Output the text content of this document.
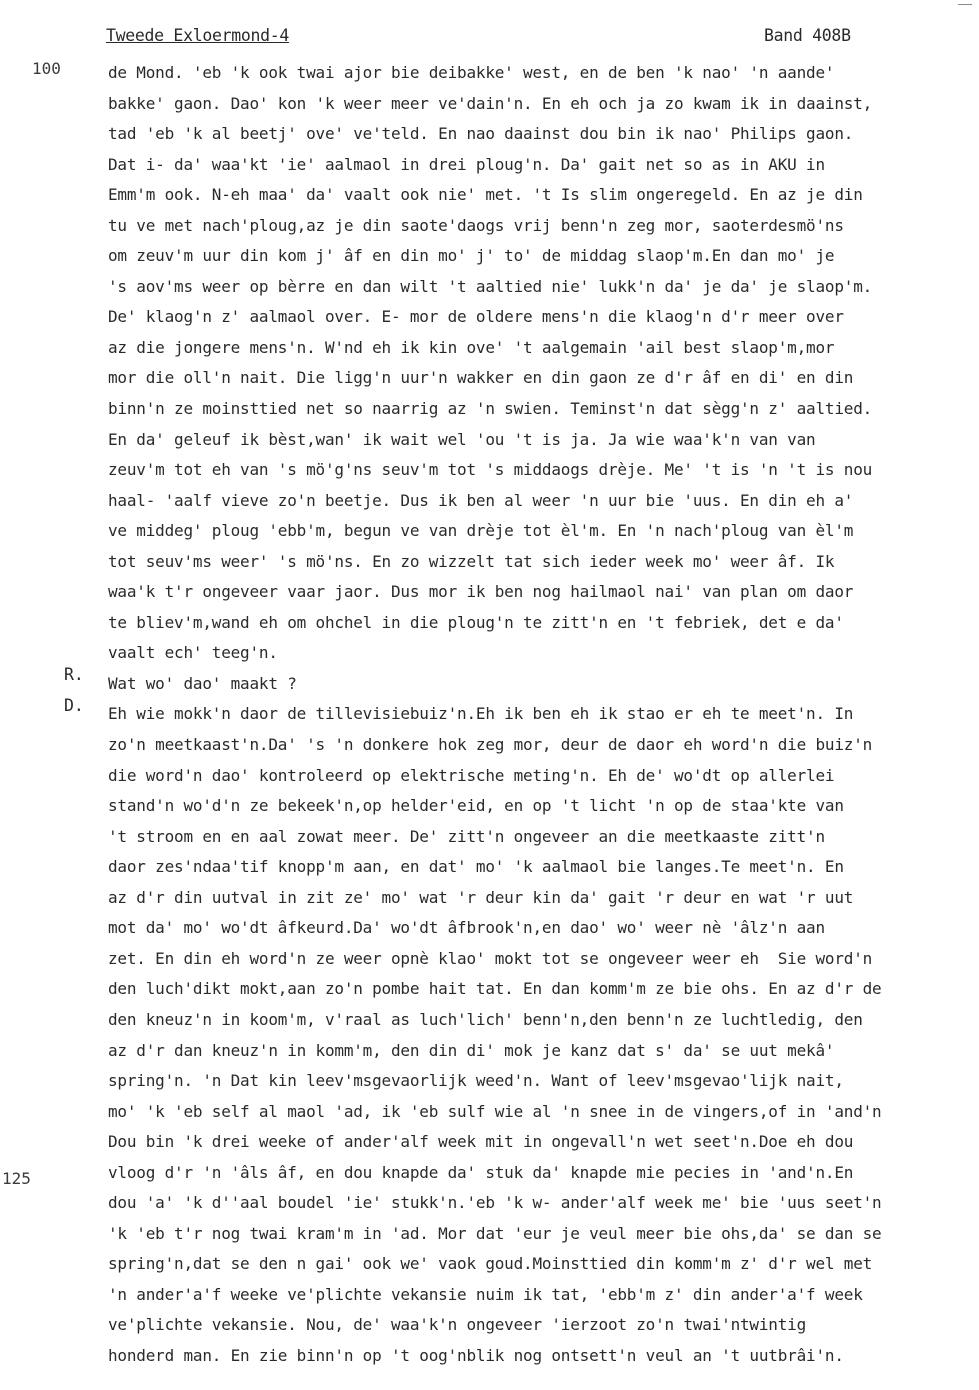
Tweede Exloermond-4	Band 408B
100
125
R.
D.
de Mond. 'eb 'k ook twai ajor bie deibakke' west, en de ben 'k nao' 'n aande'
bakke' gaon. Dao' kon 'k weer meer ve'dain'n. En eh och ja zo kwam ik in daainst,
tad 'eb 'k al beetj' ove' ve'teld. En nao daainst dou bin ik nao' Philips gaon.
Dat i- da' waa'kt 'ie' aalmaol in drei ploug'n. Da' gait net so as in AKU in
Emm'm ook. N-eh maa' da' vaalt ook nie' met. 't Is slim ongeregeld. En az je din
tu ve met nach'ploug,az je din saote'daogs vrij benn'n zeg mor, saoterdesmö'ns
om zeuv'm uur din kom j' âf en din mo' j' to' de middag slaop'm.En dan mo' je
's aov'ms weer op bèrre en dan wilt 't aaltied nie' lukk'n da' je da' je slaop'm.
De' klaog'n z' aalmaol over. E- mor de oldere mens'n die klaog'n d'r meer over
az die jongere mens'n. W'nd eh ik kin ove' 't aalgemain 'ail best slaop'm,mor
mor die oll'n nait. Die ligg'n uur'n wakker en din gaon ze d'r âf en di' en din
binn'n ze moinsttied net so naarrig az 'n swien. Teminst'n dat sègg'n z' aaltied.
En da' geleuf ik bèst,wan' ik wait wel 'ou 't is ja. Ja wie waa'k'n van van
zeuv'm tot eh van 's mö'g'ns seuv'm tot 's middaogs drèje. Me' 't is 'n 't is nou
haal- 'aalf vieve zo'n beetje. Dus ik ben al weer 'n uur bie 'uus. En din eh a'
ve middeg' ploug 'ebb'm, begun ve van drèje tot èl'm. En 'n nach'ploug van èl'm
tot seuv'ms weer' 's mö'ns. En zo wizzelt tat sich ieder week mo' weer âf. Ik
waa'k t'r ongeveer vaar jaor. Dus mor ik ben nog hailmaol nai' van plan om daor
te bliev'm,wand eh om ohchel in die ploug'n te zitt'n en 't febriek, det e da'
vaalt ech' teeg'n.
Wat wo' dao' maakt ?
Eh wie mokk'n daor de tillevisiebuiz'n.Eh ik ben eh ik stao er eh te meet'n. In
zo'n meetkaast'n.Da' 's 'n donkere hok zeg mor, deur de daor eh word'n die buiz'n
die word'n dao' kontroleerd op elektrische meting'n. Eh de' wo'dt op allerlei
stand'n wo'd'n ze bekeek'n,op helder'eid, en op 't licht 'n op de staa'kte van
't stroom en en aal zowat meer. De' zitt'n ongeveer an die meetkaaste zitt'n
daor zes'ndaa'tif knopp'm aan, en dat' mo' 'k aalmaol bie langes.Te meet'n. En
az d'r din uutval in zit ze' mo' wat 'r deur kin da' gait 'r deur en wat 'r uut
mot da' mo' wo'dt âfkeurd.Da' wo'dt âfbrook'n,en dao' wo' weer nè 'âlz'n aan
zet. En din eh word'n ze weer opnè klao' mokt tot se ongeveer weer eh  Sie word'n
den luch'dikt mokt,aan zo'n pombe hait tat. En dan komm'm ze bie ohs. En az d'r de
den kneuz'n in koom'm, v'raal as luch'lich' benn'n,den benn'n ze luchtledig, den
az d'r dan kneuz'n in komm'm, den din di' mok je kanz dat s' da' se uut mekâ'
spring'n. 'n Dat kin leev'msgevaorlijk weed'n. Want of leev'msgevao'lijk nait,
mo' 'k 'eb self al maol 'ad, ik 'eb sulf wie al 'n snee in de vingers,of in 'and'n
Dou bin 'k drei weeke of ander'alf week mit in ongevall'n wet seet'n.Doe eh dou
vloog d'r 'n 'âls âf, en dou knapde da' stuk da' knapde mie pecies in 'and'n.En
dou 'a' 'k d''aal boudel 'ie' stukk'n.'eb 'k w- ander'alf week me' bie 'uus seet'n
'k 'eb t'r nog twai kram'm in 'ad. Mor dat 'eur je veul meer bie ohs,da' se dan se
spring'n,dat se den n gai' ook we' vaok goud.Moinsttied din komm'm z' d'r wel met
'n ander'a'f weeke ve'plichte vekansie nuim ik tat, 'ebb'm z' din ander'a'f week
ve'plichte vekansie. Nou, de' waa'k'n ongeveer 'ierzoot zo'n twai'ntwintig
honderd man. En zie binn'n op 't oog'nblik nog ontsett'n veul an 't uutbrâi'n.
